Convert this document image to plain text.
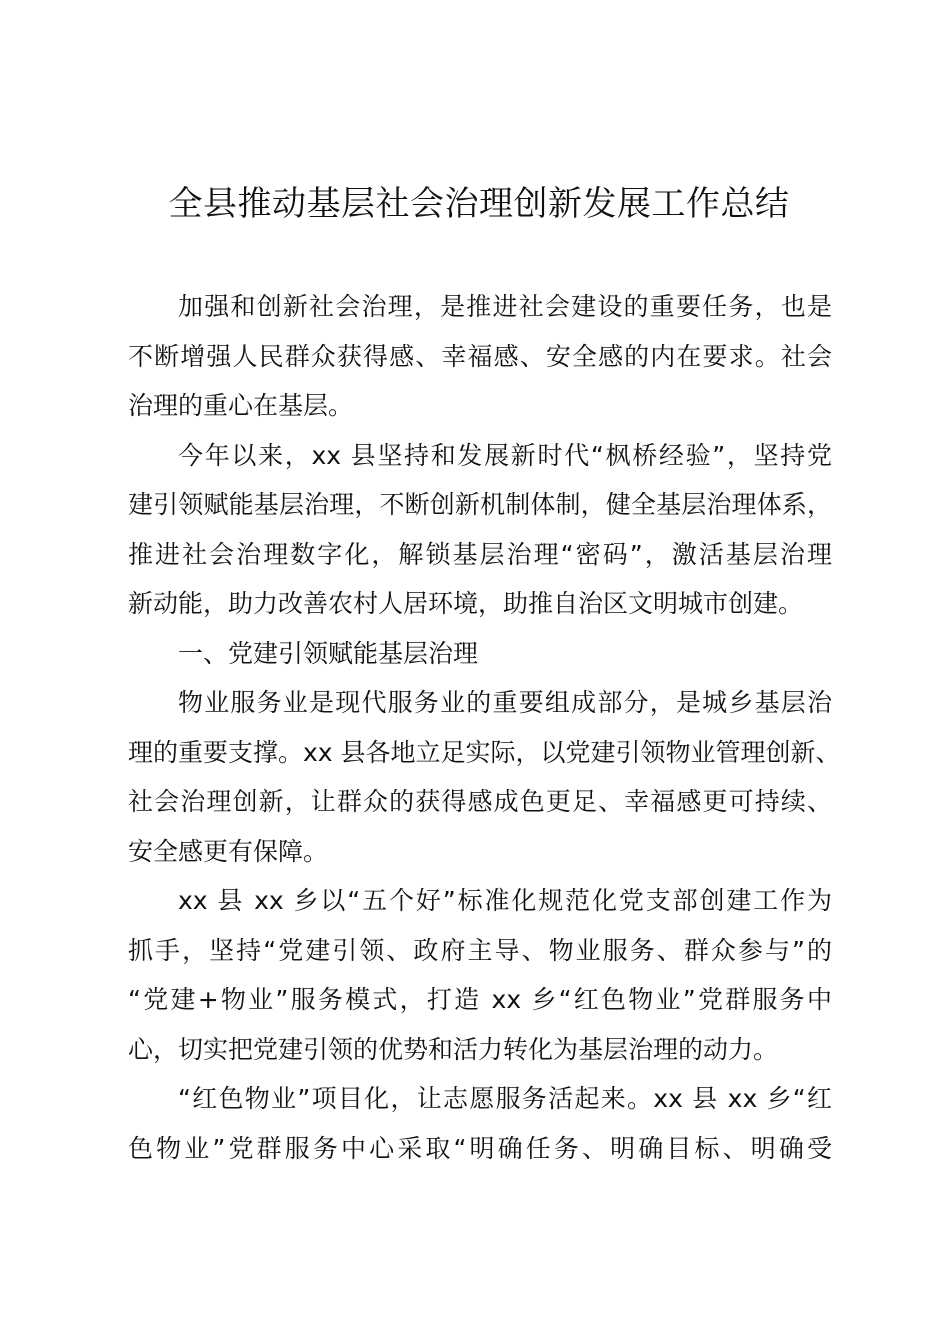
全县推动基层社会治理创新发展工作总结
加强和创新社会治理，是推进社会建设的重要任务，也是
不断增强人民群众获得感、幸福感、安全感的内在要求。社会
治理的重心在基层。
今年以来，xx 县坚持和发展新时代“枫桥经验”，坚持党
建引领赋能基层治理，不断创新机制体制，健全基层治理体系，
推进社会治理数字化，解锁基层治理“密码”，激活基层治理
新动能，助力改善农村人居环境，助推自治区文明城市创建。
一、党建引领赋能基层治理
物业服务业是现代服务业的重要组成部分，是城乡基层治
理的重要支撑。xx 县各地立足实际，以党建引领物业管理创新、
社会治理创新，让群众的获得感成色更足、幸福感更可持续、
安全感更有保障。
xx 县 xx 乡以“五个好”标准化规范化党支部创建工作为
抓手，坚持“党建引领、政府主导、物业服务、群众参与”的
“党建+物业”服务模式，打造 xx 乡“红色物业”党群服务中
心，切实把党建引领的优势和活力转化为基层治理的动力。
“红色物业”项目化，让志愿服务活起来。xx 县 xx 乡“红
色物业”党群服务中心采取“明确任务、明确目标、明确受
